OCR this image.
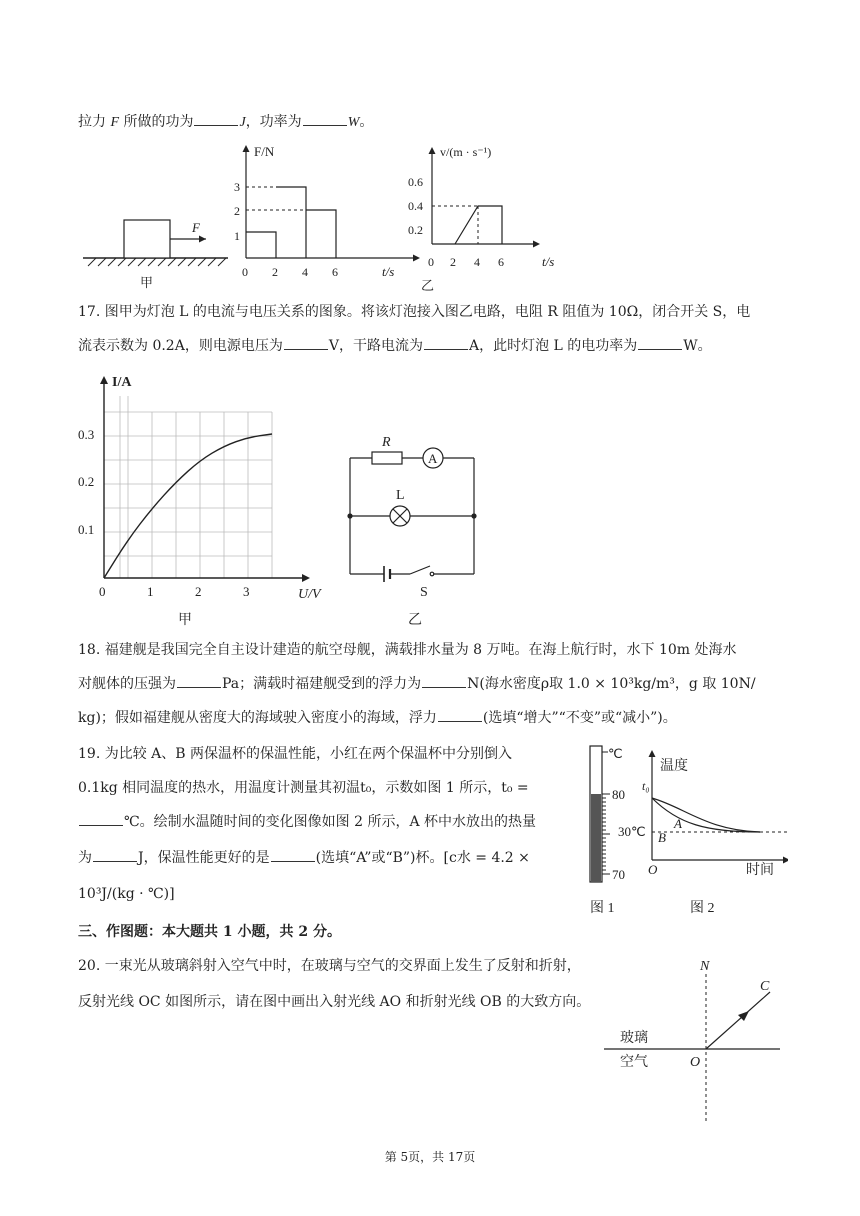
拉力 F 所做的功为	J，功率为	W。
F
甲
F/N
t/s
1
2
3
0 2 4 6
v/(m · s⁻¹)
t/s
0.2
0.4
0.6
0 2 4 6
乙
17. 图甲为灯泡 L 的电流与电压关系的图象。将该灯泡接入图乙电路，电阻 R 阻值为 10Ω，闭合开关 S，电
流表示数为 0.2A，则电源电压为	V，干路电流为	A，此时灯泡 L 的电功率为	W。
I/A
U/V
0.1
0.2
0.3
0	1	2	3
甲
R
A
L
S
乙
18. 福建舰是我国完全自主设计建造的航空母舰，满载排水量为 8 万吨。在海上航行时，水下 10m 处海水
对舰体的压强为	Pa；满载时福建舰受到的浮力为	N(海水密度ρ取 1.0 × 10³kg/m³，g 取 10N/
kg)；假如福建舰从密度大的海域驶入密度小的海域，浮力	(选填“增大”“不变”或“减小”)。
19. 为比较 A、B 两保温杯的保温性能，小红在两个保温杯中分别倒入
0.1kg 相同温度的热水，用温度计测量其初温t₀，示数如图 1 所示，t₀ =
℃。绘制水温随时间的变化图像如图 2 所示，A 杯中水放出的热量
为	J，保温性能更好的是	(选填“A”或“B”)杯。[c水 = 4.2 ×
10³J/(kg · ℃)]
℃
80
70
图 1
温度
时间
t₀
A
B
30℃
O
图 2
三、作图题：本大题共 1 小题，共 2 分。
20. 一束光从玻璃斜射入空气中时，在玻璃与空气的交界面上发生了反射和折射，
反射光线 OC 如图所示，请在图中画出入射光线 AO 和折射光线 OB 的大致方向。
N
C
玻璃
空气	O
第 5页，共 17页
